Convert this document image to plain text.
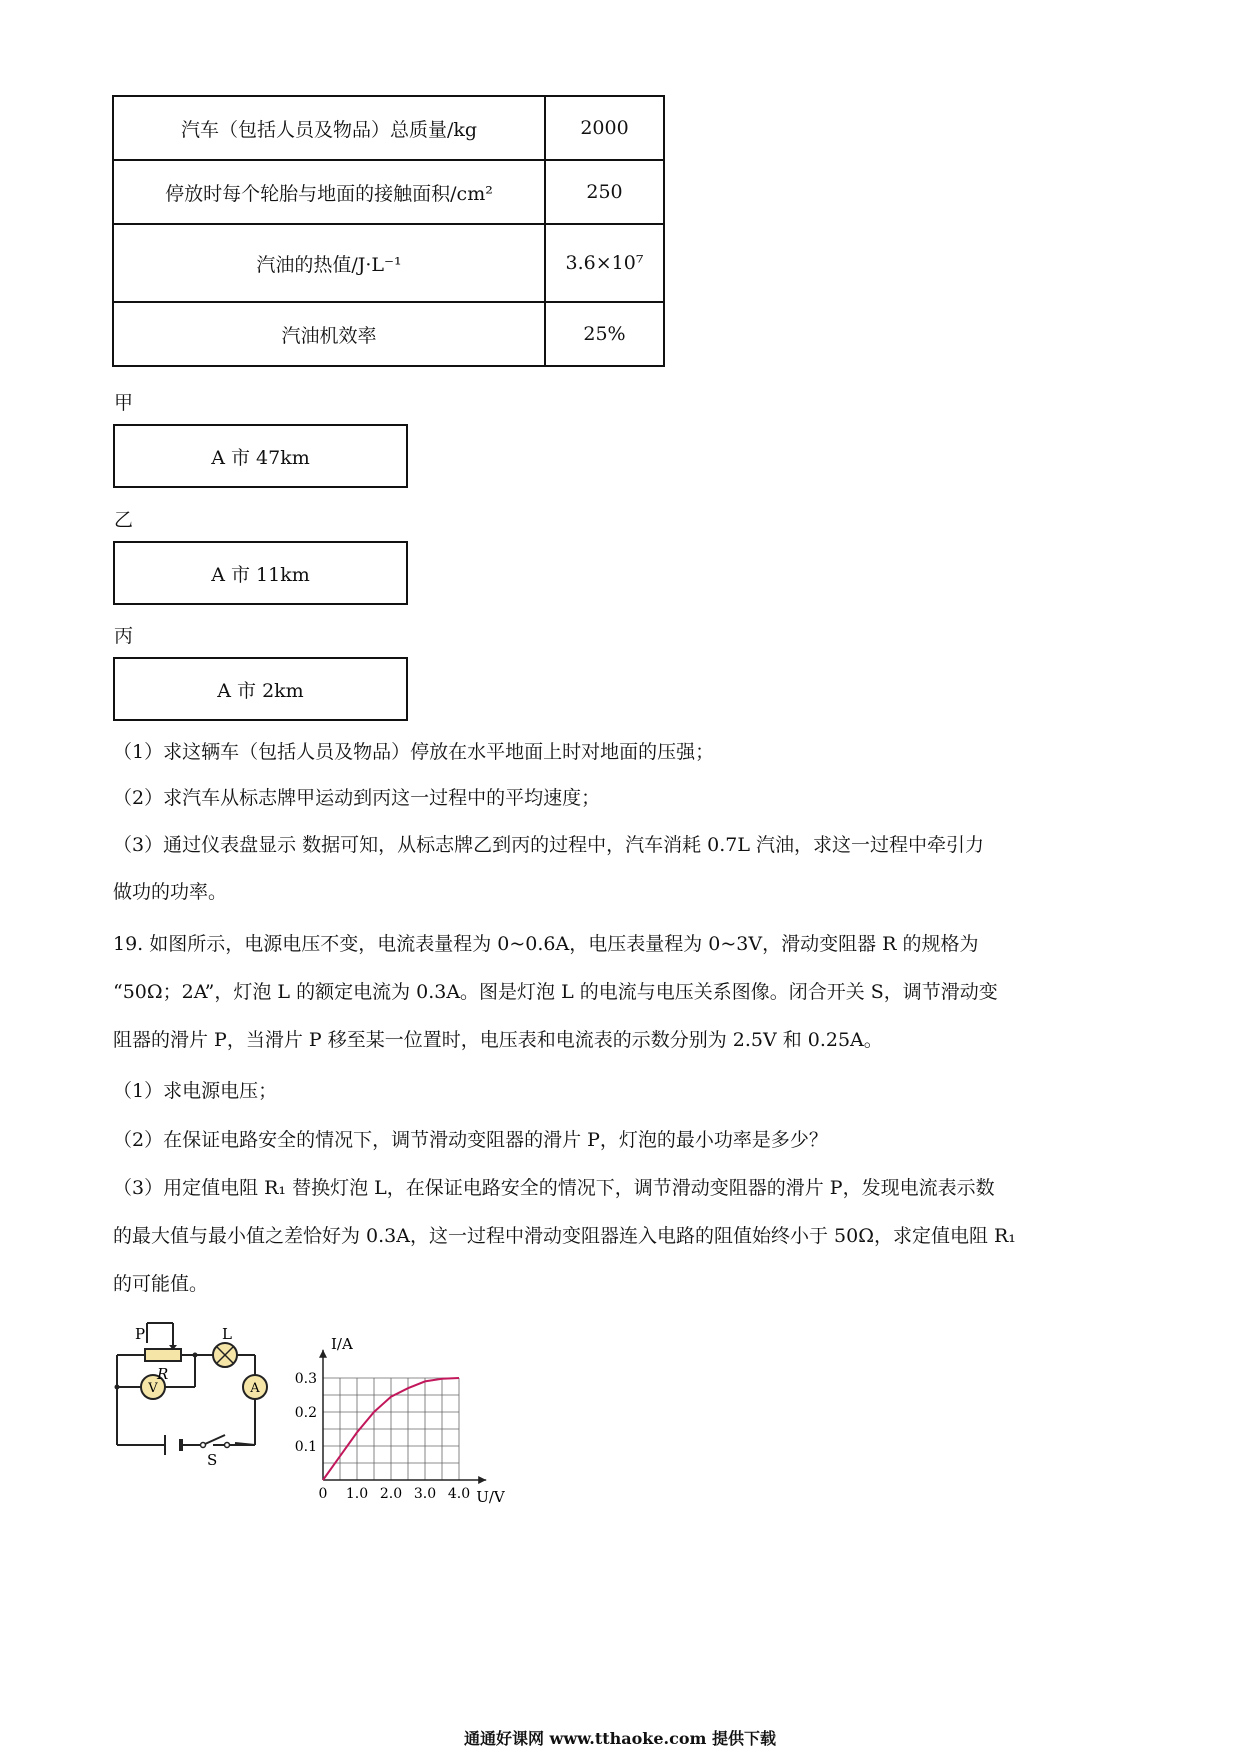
汽车（包括人员及物品）总质量/kg	2000
停放时每个轮胎与地面的接触面积/cm²	250
汽油的热值/J·L⁻¹	3.6×10⁷
汽油机效率	25%
甲
A 市 47km
乙
A 市 11km
丙
A 市 2km
（1）求这辆车（包括人员及物品）停放在水平地面上时对地面的压强；
（2）求汽车从标志牌甲运动到丙这一过程中的平均速度；
（3）通过仪表盘显示 数据可知，从标志牌乙到丙的过程中，汽车消耗 0.7L 汽油，求这一过程中牵引力
做功的功率。
19. 如图所示，电源电压不变，电流表量程为 0~0.6A，电压表量程为 0~3V，滑动变阻器 R 的规格为
“50Ω；2A”，灯泡 L 的额定电流为 0.3A。图是灯泡 L 的电流与电压关系图像。闭合开关 S，调节滑动变
阻器的滑片 P，当滑片 P 移至某一位置时，电压表和电流表的示数分别为 2.5V 和 0.25A。
（1）求电源电压；
（2）在保证电路安全的情况下，调节滑动变阻器的滑片 P，灯泡的最小功率是多少？
（3）用定值电阻 R₁ 替换灯泡 L，在保证电路安全的情况下，调节滑动变阻器的滑片 P，发现电流表示数
的最大值与最小值之差恰好为 0.3A，这一过程中滑动变阻器连入电路的阻值始终小于 50Ω，求定值电阻 R₁
的可能值。
P
R
L
V	A
S
0 1.0 2.0 3.0 4.0
0.1
0.2
0.3
I/A
U/V
通通好课网 www.tthaoke.com 提供下载
